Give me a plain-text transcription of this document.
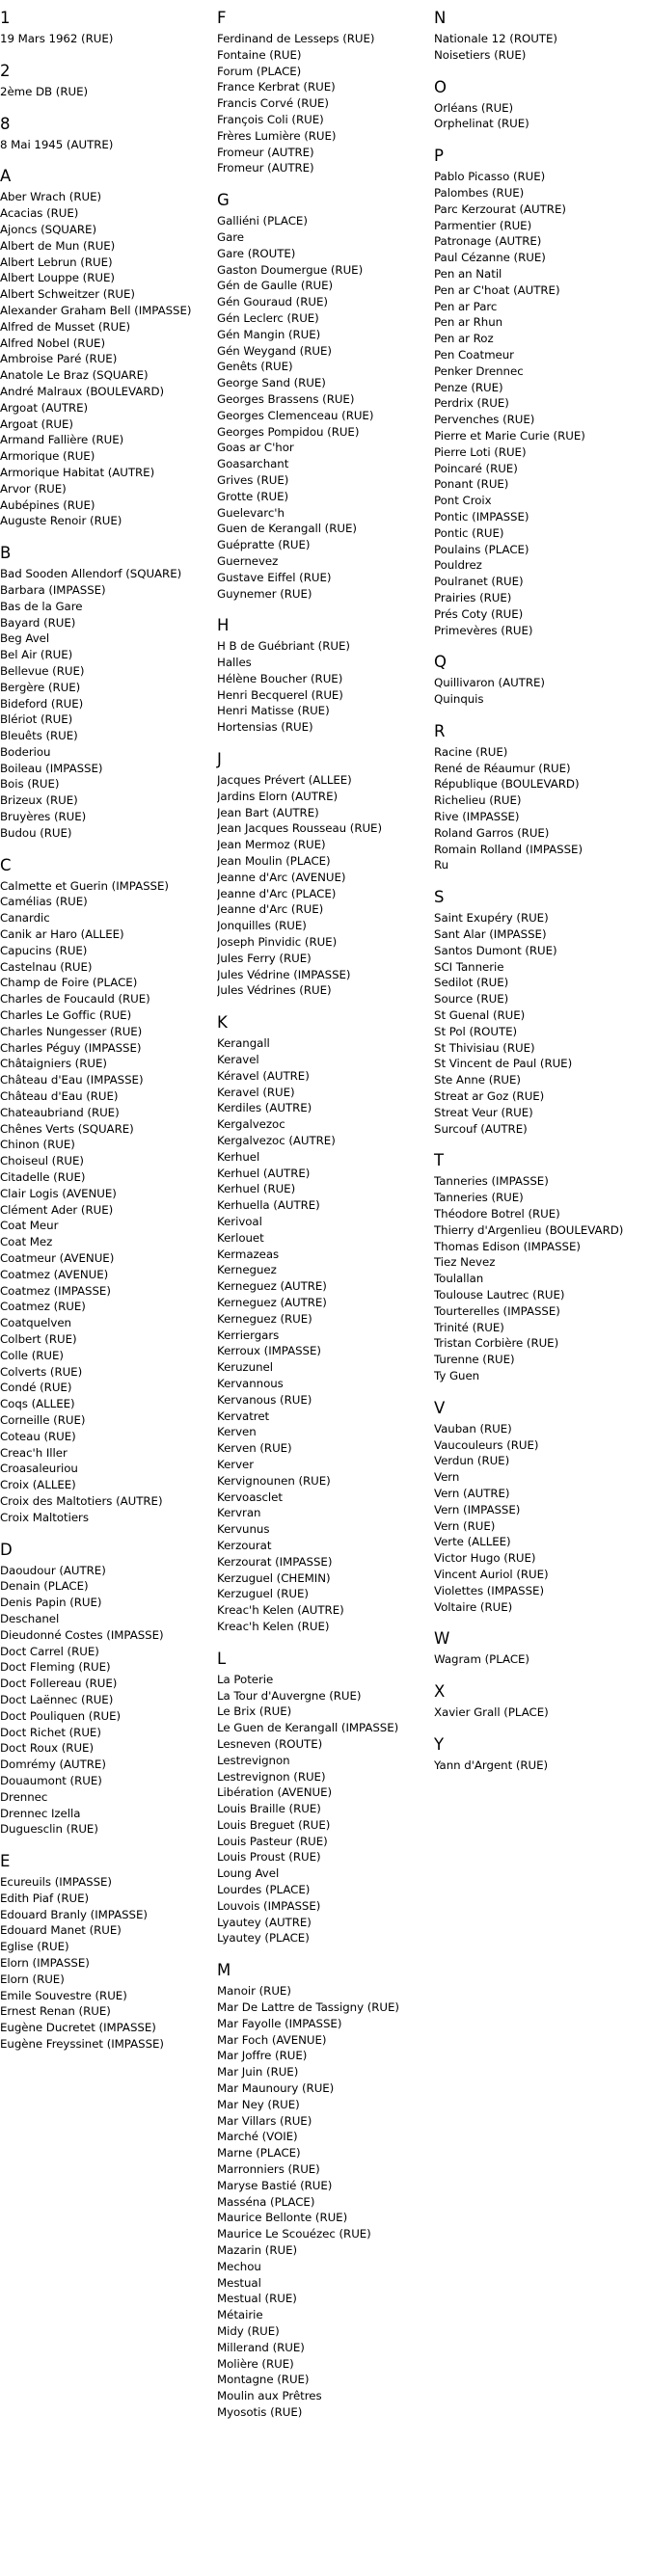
1
19 Mars 1962 (RUE)
2
2ème DB (RUE)
8
8 Mai 1945 (AUTRE)
A
Aber Wrach (RUE)
Acacias (RUE)
Ajoncs (SQUARE)
Albert de Mun (RUE)
Albert Lebrun (RUE)
Albert Louppe (RUE)
Albert Schweitzer (RUE)
Alexander Graham Bell (IMPASSE)
Alfred de Musset (RUE)
Alfred Nobel (RUE)
Ambroise Paré (RUE)
Anatole Le Braz (SQUARE)
André Malraux (BOULEVARD)
Argoat (AUTRE)
Argoat (RUE)
Armand Fallière (RUE)
Armorique (RUE)
Armorique Habitat (AUTRE)
Arvor (RUE)
Aubépines (RUE)
Auguste Renoir (RUE)
B
Bad Sooden Allendorf (SQUARE)
Barbara (IMPASSE)
Bas de la Gare
Bayard (RUE)
Beg Avel
Bel Air (RUE)
Bellevue (RUE)
Bergère (RUE)
Bideford (RUE)
Blériot (RUE)
Bleuêts (RUE)
Boderiou
Boileau (IMPASSE)
Bois (RUE)
Brizeux (RUE)
Bruyères (RUE)
Budou (RUE)
C
Calmette et Guerin (IMPASSE)
Camélias (RUE)
Canardic
Canik ar Haro (ALLEE)
Capucins (RUE)
Castelnau (RUE)
Champ de Foire (PLACE)
Charles de Foucauld (RUE)
Charles Le Goffic (RUE)
Charles Nungesser (RUE)
Charles Péguy (IMPASSE)
Châtaigniers (RUE)
Château d'Eau (IMPASSE)
Château d'Eau (RUE)
Chateaubriand (RUE)
Chênes Verts (SQUARE)
Chinon (RUE)
Choiseul (RUE)
Citadelle (RUE)
Clair Logis (AVENUE)
Clément Ader (RUE)
Coat Meur
Coat Mez
Coatmeur (AVENUE)
Coatmez (AVENUE)
Coatmez (IMPASSE)
Coatmez (RUE)
Coatquelven
Colbert (RUE)
Colle (RUE)
Colverts (RUE)
Condé (RUE)
Coqs (ALLEE)
Corneille (RUE)
Coteau (RUE)
Creac'h Iller
Croasaleuriou
Croix (ALLEE)
Croix des Maltotiers (AUTRE)
Croix Maltotiers
D
Daoudour (AUTRE)
Denain (PLACE)
Denis Papin (RUE)
Deschanel
Dieudonné Costes (IMPASSE)
Doct Carrel (RUE)
Doct Fleming (RUE)
Doct Follereau (RUE)
Doct Laënnec (RUE)
Doct Pouliquen (RUE)
Doct Richet (RUE)
Doct Roux (RUE)
Domrémy (AUTRE)
Douaumont (RUE)
Drennec
Drennec Izella
Duguesclin (RUE)
E
Ecureuils (IMPASSE)
Edith Piaf (RUE)
Edouard Branly (IMPASSE)
Edouard Manet (RUE)
Eglise (RUE)
Elorn (IMPASSE)
Elorn (RUE)
Emile Souvestre (RUE)
Ernest Renan (RUE)
Eugène Ducretet (IMPASSE)
Eugène Freyssinet (IMPASSE)
F
Ferdinand de Lesseps (RUE)
Fontaine (RUE)
Forum (PLACE)
France Kerbrat (RUE)
Francis Corvé (RUE)
François Coli (RUE)
Frères Lumière (RUE)
Fromeur (AUTRE)
Fromeur (AUTRE)
G
Galliéni (PLACE)
Gare
Gare (ROUTE)
Gaston Doumergue (RUE)
Gén de Gaulle (RUE)
Gén Gouraud (RUE)
Gén Leclerc (RUE)
Gén Mangin (RUE)
Gén Weygand (RUE)
Genêts (RUE)
George Sand (RUE)
Georges Brassens (RUE)
Georges Clemenceau (RUE)
Georges Pompidou (RUE)
Goas ar C'hor
Goasarchant
Grives (RUE)
Grotte (RUE)
Guelevarc'h
Guen de Kerangall (RUE)
Guépratte (RUE)
Guernevez
Gustave Eiffel (RUE)
Guynemer (RUE)
H
H B de Guébriant (RUE)
Halles
Hélène Boucher (RUE)
Henri Becquerel (RUE)
Henri Matisse (RUE)
Hortensias (RUE)
J
Jacques Prévert (ALLEE)
Jardins Elorn (AUTRE)
Jean Bart (AUTRE)
Jean Jacques Rousseau (RUE)
Jean Mermoz (RUE)
Jean Moulin (PLACE)
Jeanne d'Arc (AVENUE)
Jeanne d'Arc (PLACE)
Jeanne d'Arc (RUE)
Jonquilles (RUE)
Joseph Pinvidic (RUE)
Jules Ferry (RUE)
Jules Védrine (IMPASSE)
Jules Védrines (RUE)
K
Kerangall
Keravel
Kéravel (AUTRE)
Keravel (RUE)
Kerdiles (AUTRE)
Kergalvezoc
Kergalvezoc (AUTRE)
Kerhuel
Kerhuel (AUTRE)
Kerhuel (RUE)
Kerhuella (AUTRE)
Kerivoal
Kerlouet
Kermazeas
Kerneguez
Kerneguez (AUTRE)
Kerneguez (AUTRE)
Kerneguez (RUE)
Kerriergars
Kerroux (IMPASSE)
Keruzunel
Kervannous
Kervanous (RUE)
Kervatret
Kerven
Kerven (RUE)
Kerver
Kervignounen (RUE)
Kervoasclet
Kervran
Kervunus
Kerzourat
Kerzourat (IMPASSE)
Kerzuguel (CHEMIN)
Kerzuguel (RUE)
Kreac'h Kelen (AUTRE)
Kreac'h Kelen (RUE)
L
La Poterie
La Tour d'Auvergne (RUE)
Le Brix (RUE)
Le Guen de Kerangall (IMPASSE)
Lesneven (ROUTE)
Lestrevignon
Lestrevignon (RUE)
Libération (AVENUE)
Louis Braille (RUE)
Louis Breguet (RUE)
Louis Pasteur (RUE)
Louis Proust (RUE)
Loung Avel
Lourdes (PLACE)
Louvois (IMPASSE)
Lyautey (AUTRE)
Lyautey (PLACE)
M
Manoir (RUE)
Mar De Lattre de Tassigny (RUE)
Mar Fayolle (IMPASSE)
Mar Foch (AVENUE)
Mar Joffre (RUE)
Mar Juin (RUE)
Mar Maunoury (RUE)
Mar Ney (RUE)
Mar Villars (RUE)
Marché (VOIE)
Marne (PLACE)
Marronniers (RUE)
Maryse Bastié (RUE)
Masséna (PLACE)
Maurice Bellonte (RUE)
Maurice Le Scouézec (RUE)
Mazarin (RUE)
Mechou
Mestual
Mestual (RUE)
Métairie
Midy (RUE)
Millerand (RUE)
Molière (RUE)
Montagne (RUE)
Moulin aux Prêtres
Myosotis (RUE)
N
Nationale 12 (ROUTE)
Noisetiers (RUE)
O
Orléans (RUE)
Orphelinat (RUE)
P
Pablo Picasso (RUE)
Palombes (RUE)
Parc Kerzourat (AUTRE)
Parmentier (RUE)
Patronage (AUTRE)
Paul Cézanne (RUE)
Pen an Natil
Pen ar C'hoat (AUTRE)
Pen ar Parc
Pen ar Rhun
Pen ar Roz
Pen Coatmeur
Penker Drennec
Penze (RUE)
Perdrix (RUE)
Pervenches (RUE)
Pierre et Marie Curie (RUE)
Pierre Loti (RUE)
Poincaré (RUE)
Ponant (RUE)
Pont Croix
Pontic (IMPASSE)
Pontic (RUE)
Poulains (PLACE)
Pouldrez
Poulranet (RUE)
Prairies (RUE)
Prés Coty (RUE)
Primevères (RUE)
Q
Quillivaron (AUTRE)
Quinquis
R
Racine (RUE)
René de Réaumur (RUE)
République (BOULEVARD)
Richelieu (RUE)
Rive (IMPASSE)
Roland Garros (RUE)
Romain Rolland (IMPASSE)
Ru
S
Saint Exupéry (RUE)
Sant Alar (IMPASSE)
Santos Dumont (RUE)
SCI Tannerie
Sedilot (RUE)
Source (RUE)
St Guenal (RUE)
St Pol (ROUTE)
St Thivisiau (RUE)
St Vincent de Paul (RUE)
Ste Anne (RUE)
Streat ar Goz (RUE)
Streat Veur (RUE)
Surcouf (AUTRE)
T
Tanneries (IMPASSE)
Tanneries (RUE)
Théodore Botrel (RUE)
Thierry d'Argenlieu (BOULEVARD)
Thomas Edison (IMPASSE)
Tiez Nevez
Toulallan
Toulouse Lautrec (RUE)
Tourterelles (IMPASSE)
Trinité (RUE)
Tristan Corbière (RUE)
Turenne (RUE)
Ty Guen
V
Vauban (RUE)
Vaucouleurs (RUE)
Verdun (RUE)
Vern
Vern (AUTRE)
Vern (IMPASSE)
Vern (RUE)
Verte (ALLEE)
Victor Hugo (RUE)
Vincent Auriol (RUE)
Violettes (IMPASSE)
Voltaire (RUE)
W
Wagram (PLACE)
X
Xavier Grall (PLACE)
Y
Yann d'Argent (RUE)
